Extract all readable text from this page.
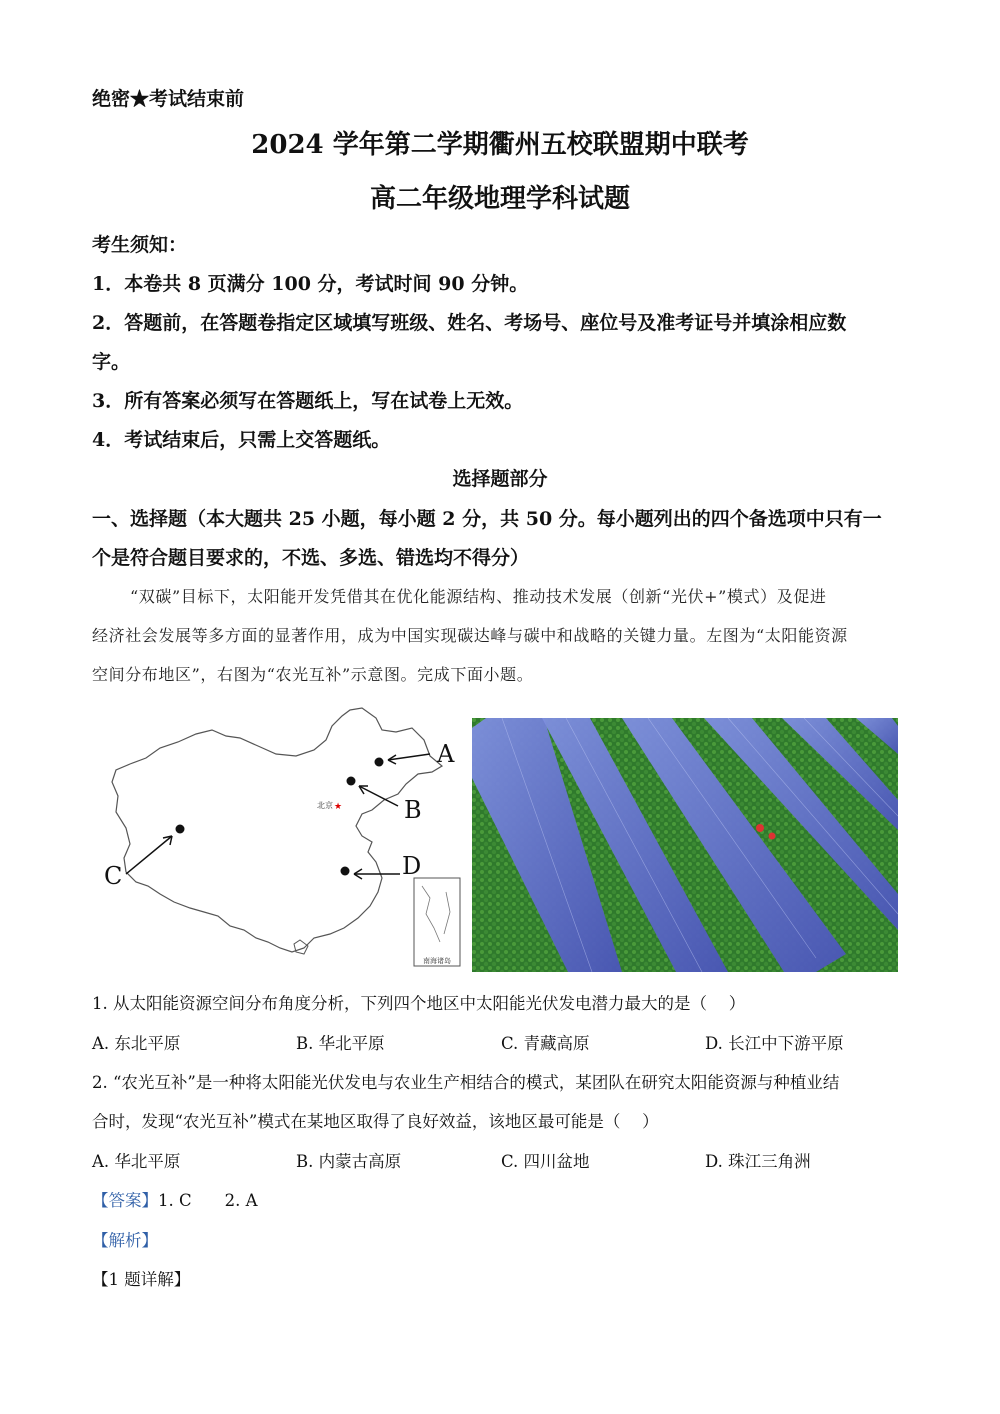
绝密★考试结束前
2024 学年第二学期衢州五校联盟期中联考
高二年级地理学科试题
考生须知：
1．本卷共 8 页满分 100 分，考试时间 90 分钟。
2．答题前，在答题卷指定区域填写班级、姓名、考场号、座位号及准考证号并填涂相应数
字。
3．所有答案必须写在答题纸上，写在试卷上无效。
4．考试结束后，只需上交答题纸。
选择题部分
一、选择题（本大题共 25 小题，每小题 2 分，共 50 分。每小题列出的四个备选项中只有一
个是符合题目要求的，不选、多选、错选均不得分）
“双碳”目标下，太阳能开发凭借其在优化能源结构、推动技术发展（创新“光伏+”模式）及促进
经济社会发展等多方面的显著作用，成为中国实现碳达峰与碳中和战略的关键力量。左图为“太阳能资源
空间分布地区”，右图为“农光互补”示意图。完成下面小题。
南海诸岛
北京 ★
A
B
C	D
1. 从太阳能资源空间分布角度分析，下列四个地区中太阳能光伏发电潜力最大的是（　 ）
A. 东北平原	B. 华北平原	C. 青藏高原	D. 长江中下游平原
2. “农光互补”是一种将太阳能光伏发电与农业生产相结合的模式，某团队在研究太阳能资源与种植业结
合时，发现“农光互补”模式在某地区取得了良好效益，该地区最可能是（　 ）
A. 华北平原	B. 内蒙古高原	C. 四川盆地	D. 珠江三角洲
【答案】1. C　　2. A
【解析】
【1 题详解】
